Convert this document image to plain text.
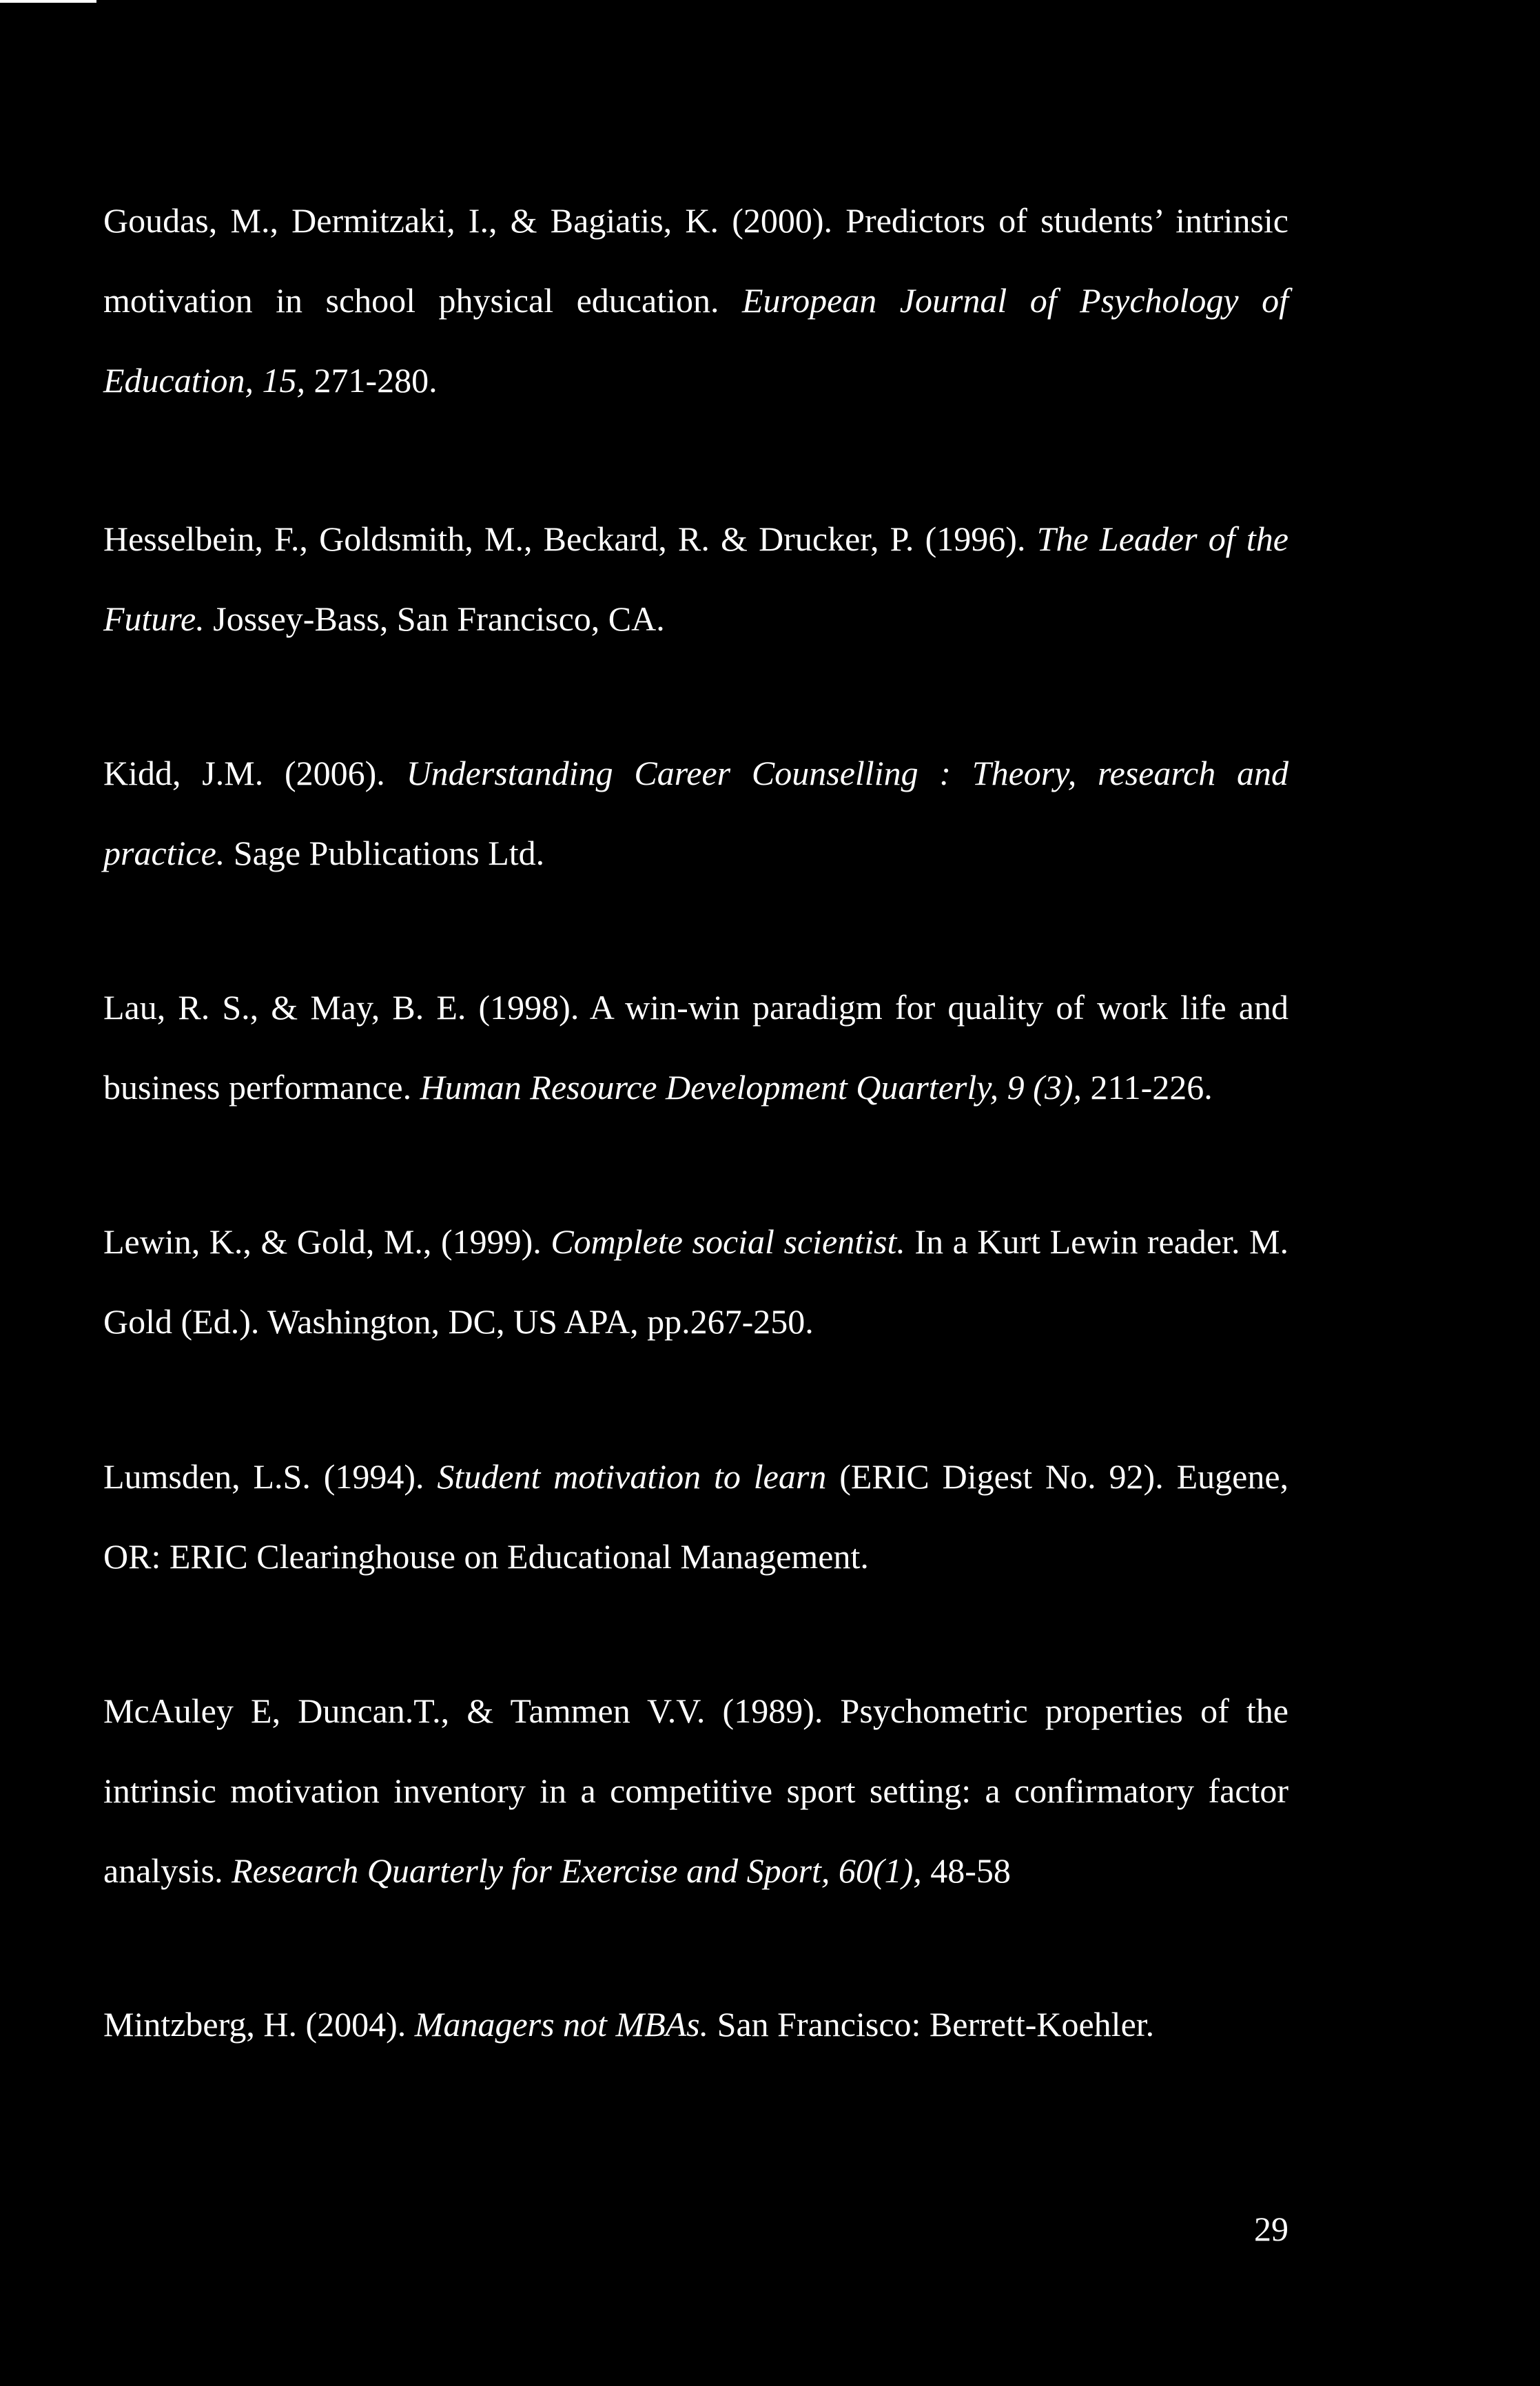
Goudas, M., Dermitzaki, I., & Bagiatis, K. (2000). Predictors of students’ intrinsic motivation in school physical education. European Journal of Psychology of Education, 15, 271-280.
Hesselbein, F., Goldsmith, M., Beckard, R. & Drucker, P. (1996). The Leader of the Future. Jossey-Bass, San Francisco, CA.
Kidd, J.M. (2006). Understanding Career Counselling : Theory, research and practice. Sage Publications Ltd.
Lau, R. S., & May, B. E. (1998). A win-win paradigm for quality of work life and business performance. Human Resource Development Quarterly, 9 (3), 211-226.
Lewin, K., & Gold, M., (1999). Complete social scientist. In a Kurt Lewin reader. M. Gold (Ed.). Washington, DC, US APA, pp.267-250.
Lumsden, L.S. (1994). Student motivation to learn (ERIC Digest No. 92). Eugene, OR: ERIC Clearinghouse on Educational Management.
McAuley E, Duncan.T., & Tammen V.V. (1989). Psychometric properties of the intrinsic motivation inventory in a competitive sport setting: a confirmatory factor analysis. Research Quarterly for Exercise and Sport, 60(1), 48-58
Mintzberg, H. (2004). Managers not MBAs. San Francisco: Berrett-Koehler.
29
